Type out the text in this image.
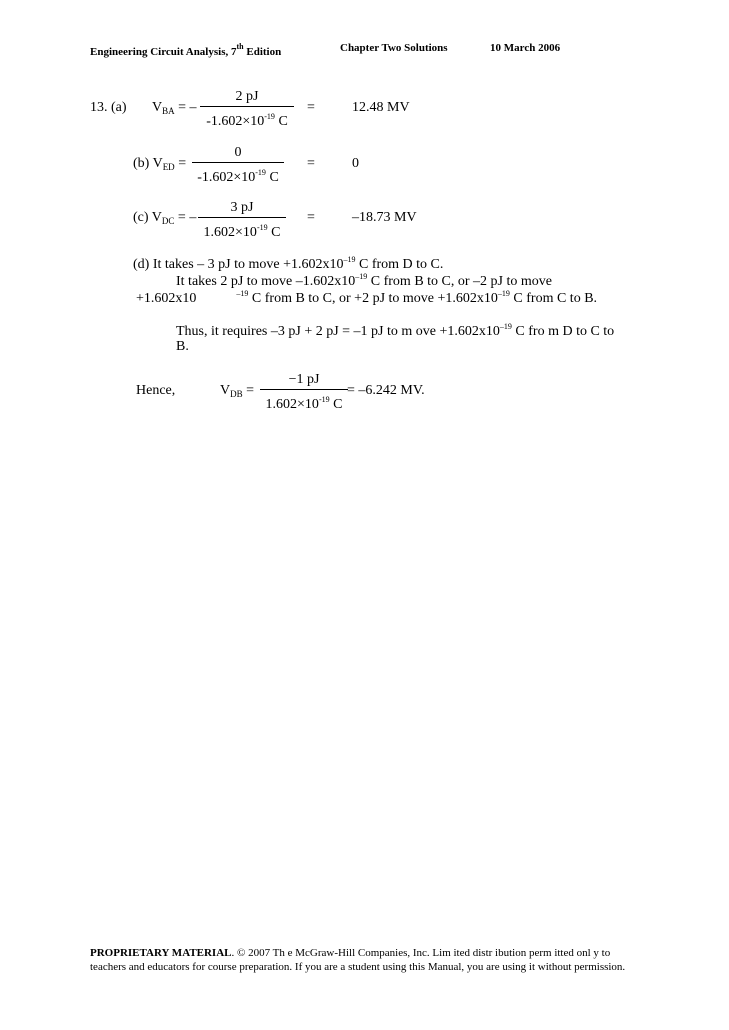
Engineering Circuit Analysis, 7th Edition	Chapter Two Solutions	10 March 2006
13. (a) $V_{BA}$ = –
2 pJ
$-1.602\times 10^{-19}$ C
=	12.48 MV
(b) $V_{ED}$ =
0
$-1.602\times 10^{-19}$ C
=	0
(c) $V_{DC}$ = –
3 pJ
$1.602\times 10^{-19}$ C
=	–18.73 MV
(d) It takes – 3 pJ to move $+1.602x10^{-19}$ C from D to C.
It takes 2 pJ to move $-1.602x10^{-19}$ C from B to C, or –2 pJ to move
+1.602x10	$^{-19}$ C from B to C, or +2 pJ to move $+1.602x10^{-19}$ C from C to B.
Thus, it requires –3 pJ + 2 pJ = –1 pJ to m ove $+1.602x10^{-19}$ C fro m D to C to
B.
Hence,	$V_{DB}$ =
−1 pJ
$1.602\times 10^{-19}$ C
= –6.242 MV.
PROPRIETARY MATERIAL. © 2007 Th e McGraw-Hill Companies, Inc. Lim ited distr ibution perm itted onl y to
teachers and educators for course preparation. If you are a student using this Manual, you are using it without permission.
